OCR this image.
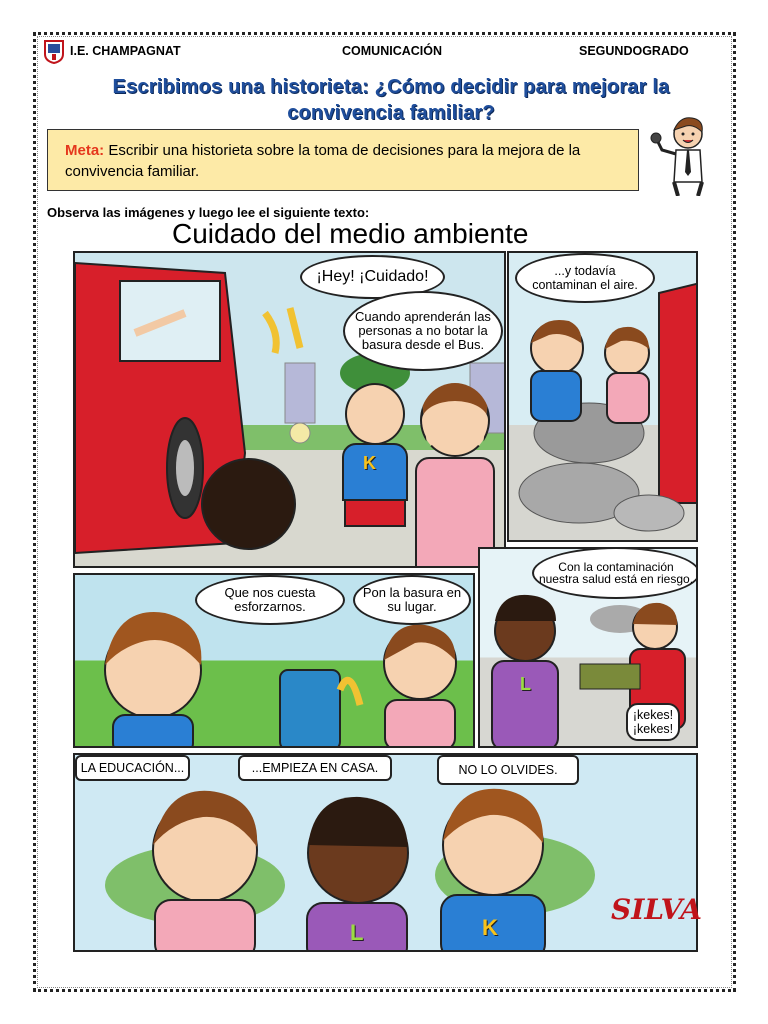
I.E. CHAMPAGNAT	COMUNICACIÓN	SEGUNDOGRADO
Escribimos una historieta: ¿Cómo decidir para mejorar la
convivencia familiar?
Meta: Escribir una historieta sobre la toma de decisiones para la mejora de la convivencia familiar.
Observa las imágenes y luego lee el siguiente texto:
Cuidado del medio ambiente
¡Hey! ¡Cuidado!
Cuando aprenderán las personas a no botar la basura desde el Bus.
K
...y todavía contaminan el aire.
Que nos cuesta esforzarnos.
Pon la basura en su lugar.
L
Con la contaminación nuestra salud está en riesgo.
¡kekes! ¡kekes!
L	K
LA EDUCACIÓN...	...EMPIEZA EN CASA.	NO LO OLVIDES.
SILVA
